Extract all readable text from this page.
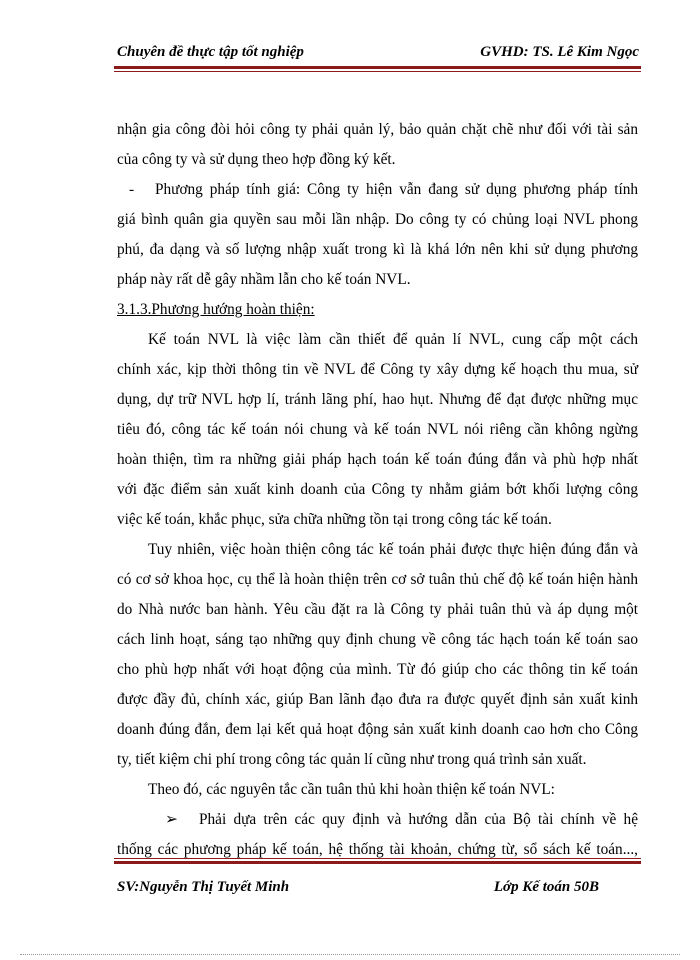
Chuyên đề thực tập tốt nghiệp	GVHD: TS. Lê Kim Ngọc
nhận gia công đòi hỏi công ty phải quản lý, bảo quản chặt chẽ như đối với tài sản
của công ty và sử dụng theo hợp đồng ký kết.
- Phương pháp tính giá: Công ty hiện vẫn đang sử dụng phương pháp tính
giá bình quân gia quyền sau mỗi lần nhập. Do công ty có chủng loại NVL phong
phú, đa dạng và số lượng nhập xuất trong kì là khá lớn nên khi sử dụng phương
pháp này rất dễ gây nhầm lẫn cho kế toán NVL.
3.1.3.Phương hướng hoàn thiện:
Kế toán NVL là việc làm cần thiết để quản lí NVL, cung cấp một cách
chính xác, kịp thời thông tin về NVL để Công ty xây dựng kế hoạch thu mua, sử
dụng, dự trữ NVL hợp lí, tránh lãng phí, hao hụt. Nhưng để đạt được những mục
tiêu đó, công tác kế toán nói chung và kế toán NVL nói riêng cần không ngừng
hoàn thiện, tìm ra những giải pháp hạch toán kế toán đúng đắn và phù hợp nhất
với đặc điểm sản xuất kinh doanh của Công ty nhằm giảm bớt khối lượng công
việc kế toán, khắc phục, sửa chữa những tồn tại trong công tác kế toán.
Tuy nhiên, việc hoàn thiện công tác kế toán phải được thực hiện đúng đắn và
có cơ sở khoa học, cụ thể là hoàn thiện trên cơ sở tuân thủ chế độ kế toán hiện hành
do Nhà nước ban hành. Yêu cầu đặt ra là Công ty phải tuân thủ và áp dụng một
cách linh hoạt, sáng tạo những quy định chung về công tác hạch toán kế toán sao
cho phù hợp nhất với hoạt động của mình. Từ đó giúp cho các thông tin kế toán
được đầy đủ, chính xác, giúp Ban lãnh đạo đưa ra được quyết định sản xuất kinh
doanh đúng đắn, đem lại kết quả hoạt động sản xuất kinh doanh cao hơn cho Công
ty, tiết kiệm chi phí trong công tác quản lí cũng như trong quá trình sản xuất.
Theo đó, các nguyên tắc cần tuân thủ khi hoàn thiện kế toán NVL:
➢ Phải dựa trên các quy định và hướng dẫn của Bộ tài chính về hệ
thống các phương pháp kế toán, hệ thống tài khoản, chứng từ, sổ sách kế toán...,
SV:Nguyễn Thị Tuyết Minh	Lớp Kế toán 50B
